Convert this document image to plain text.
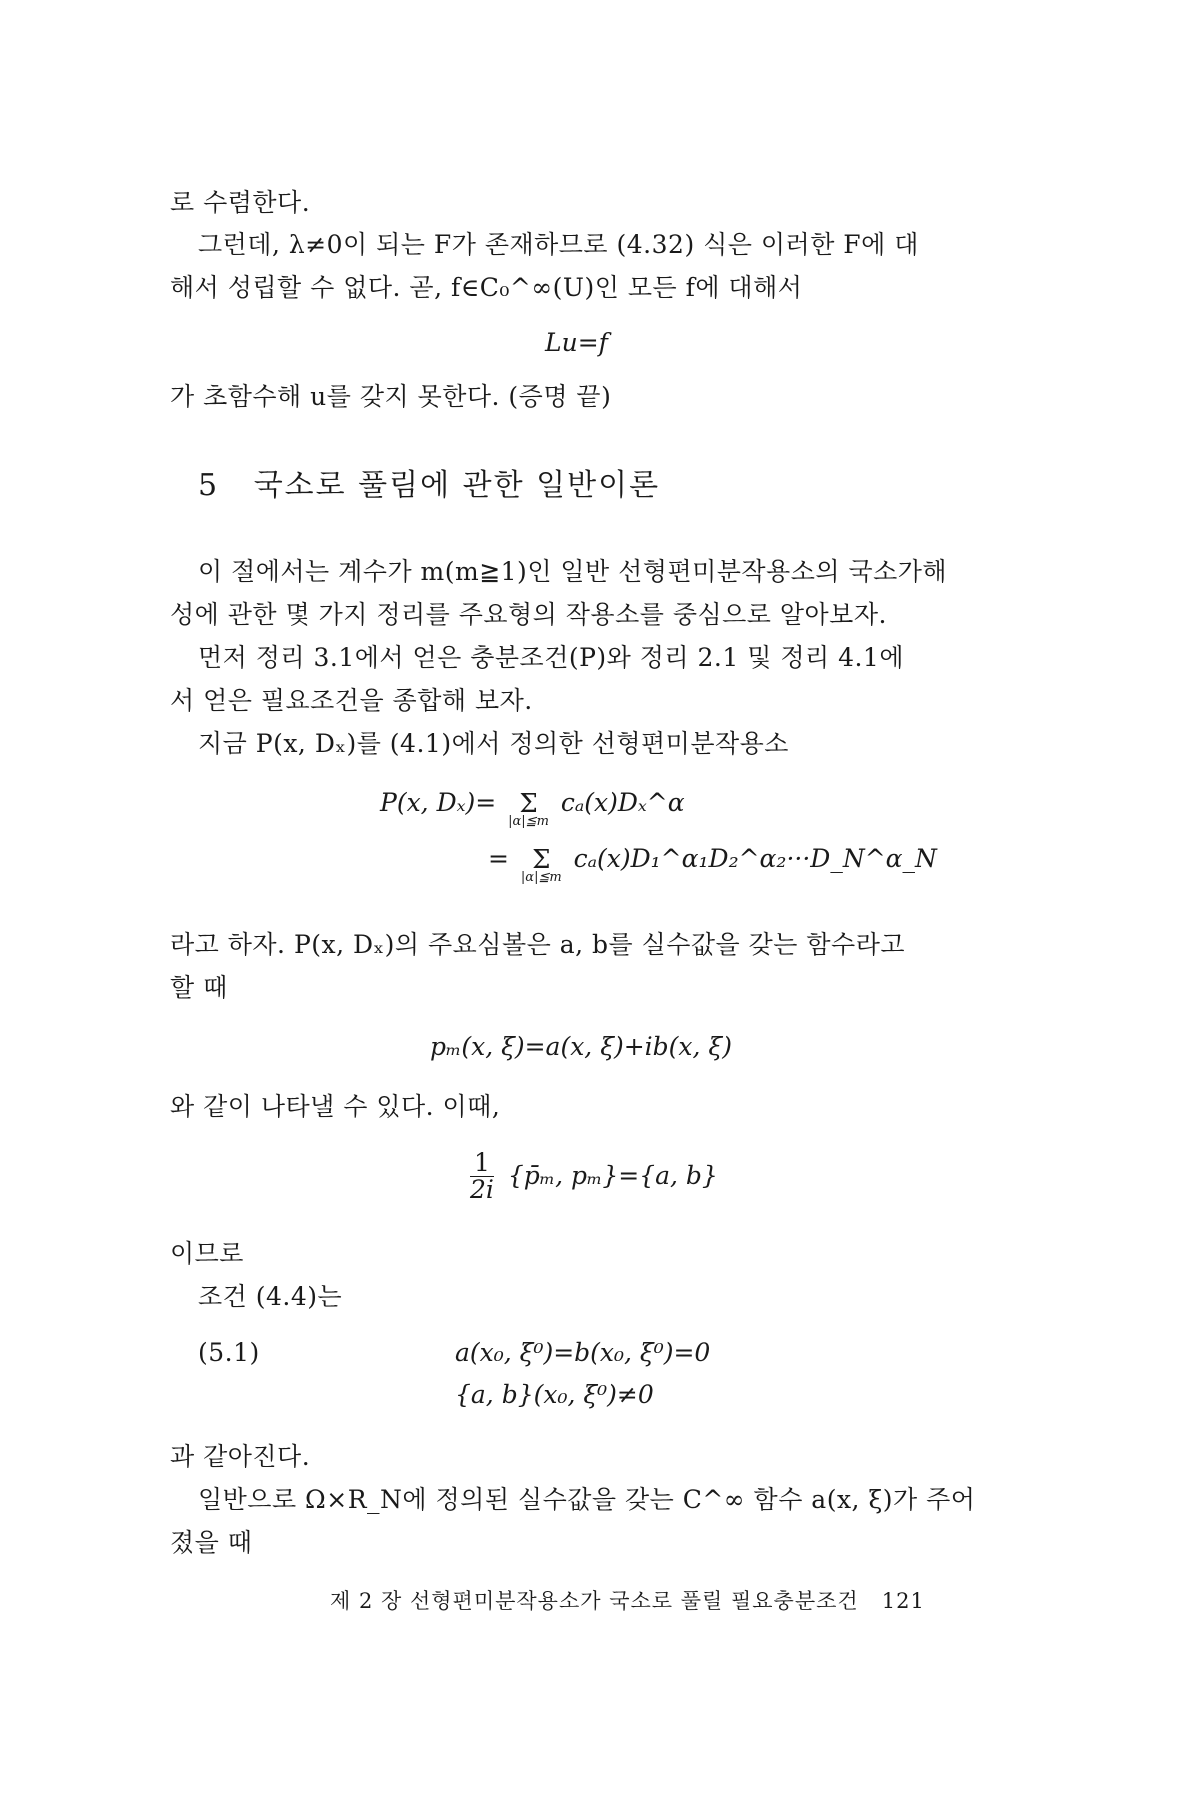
로 수렴한다.
그런데, λ≠0이 되는 F가 존재하므로 (4.32) 식은 이러한 F에 대
해서 성립할 수 없다. 곧, f∈C₀^∞(U)인 모든 f에 대해서
Lu=f
가 초함수해 u를 갖지 못한다. (증명 끝)
5 국소로 풀림에 관한 일반이론
이 절에서는 계수가 m(m≧1)인 일반 선형편미분작용소의 국소가해
성에 관한 몇 가지 정리를 주요형의 작용소를 중심으로 알아보자.
먼저 정리 3.1에서 얻은 충분조건(P)와 정리 2.1 및 정리 4.1에
서 얻은 필요조건을 종합해 보자.
지금 P(x, Dₓ)를 (4.1)에서 정의한 선형편미분작용소
P(x, Dₓ)= Σ
|α|≦m
cₐ(x)Dₓ^α
= Σ
|α|≦m
cₐ(x)D₁^α₁D₂^α₂···D_N^α_N
라고 하자. P(x, Dₓ)의 주요심볼은 a, b를 실수값을 갖는 함수라고
할 때
pₘ(x, ξ)=a(x, ξ)+ib(x, ξ)
와 같이 나타낼 수 있다. 이때,
$\frac{1}{2i}$ {p̄ₘ, pₘ}={a, b}
이므로
조건 (4.4)는
(5.1)	a(x₀, ξ⁰)=b(x₀, ξ⁰)=0
{a, b}(x₀, ξ⁰)≠0
과 같아진다.
일반으로 Ω×R_N에 정의된 실수값을 갖는 C^∞ 함수 a(x, ξ)가 주어
졌을 때
제 2 장 선형편미분작용소가 국소로 풀릴 필요충분조건 121
